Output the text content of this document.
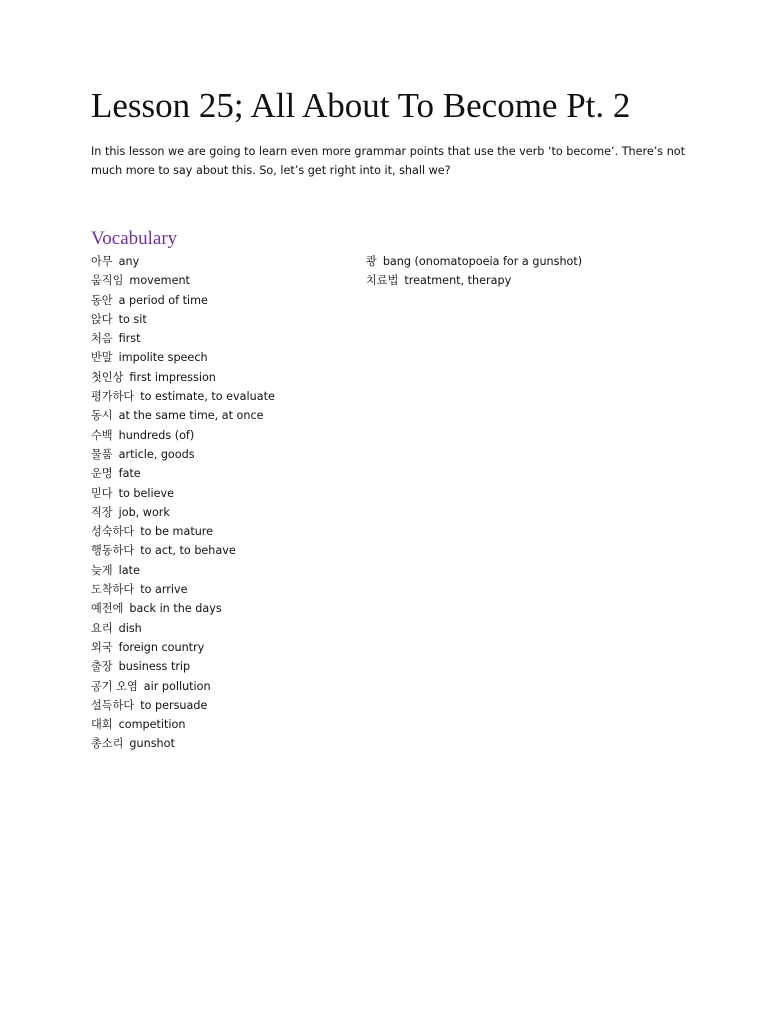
Lesson 25; All About To Become Pt. 2

In this lesson we are going to learn even more grammar points that use the verb ‘to become’. There’s not much more to say about this. So, let’s get right into it, shall we?

Vocabulary
아무 any
움직임 movement
동안 a period of time
앉다 to sit
처음 first
반말 impolite speech
첫인상 first impression
평가하다 to estimate, to evaluate
동시 at the same time, at once
수백 hundreds (of)
물품 article, goods
운명 fate
믿다 to believe
직장 job, work
성숙하다 to be mature
행동하다 to act, to behave
늦게 late
도착하다 to arrive
예전에 back in the days
요리 dish
외국 foreign country
출장 business trip
공기 오염 air pollution
설득하다 to persuade
대회 competition
총소리 gunshot
쾅 bang (onomatopoeia for a gunshot)
치료법 treatment, therapy
